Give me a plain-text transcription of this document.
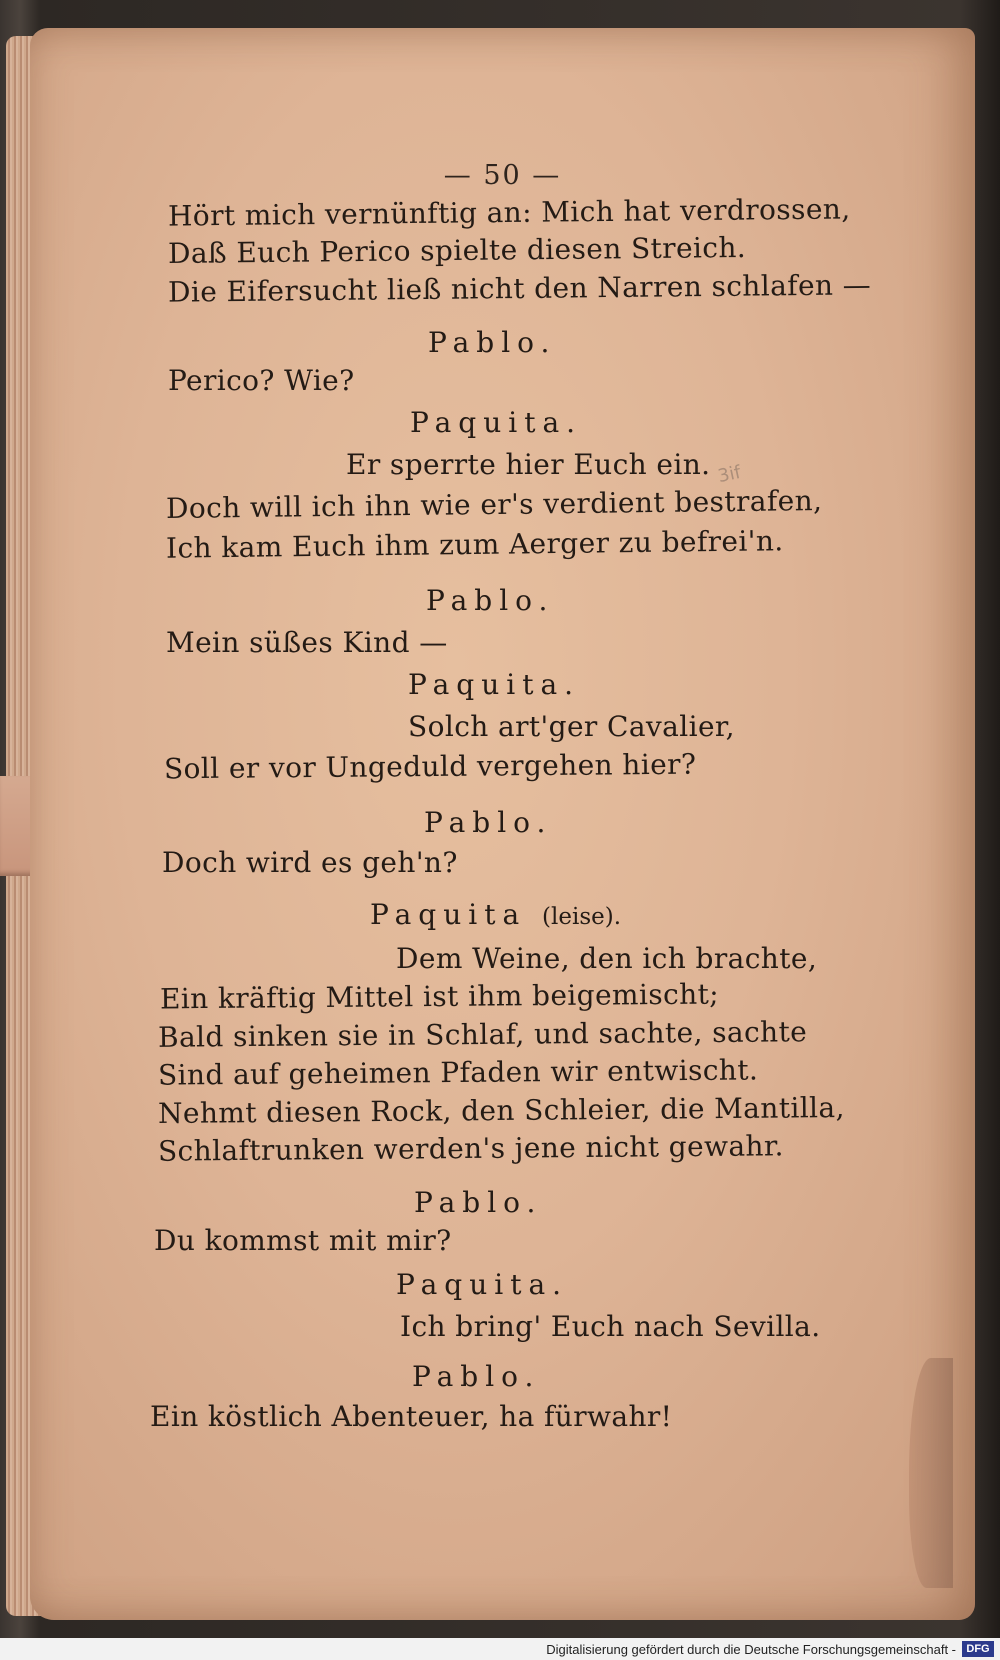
— 50 —
Hört mich vernünftig an: Mich hat verdrossen,
Daß Euch Perico spielte diesen Streich.
Die Eifersucht ließ nicht den Narren schlafen —
Pablo.
Perico? Wie?
Paquita.
3if
Er sperrte hier Euch ein.
Doch will ich ihn wie er's verdient bestrafen,
Ich kam Euch ihm zum Aerger zu befrei'n.
Pablo.
Mein süßes Kind —
Paquita.
Solch art'ger Cavalier,
Soll er vor Ungeduld vergehen hier?
Pablo.
Doch wird es geh'n?
Paquita (leise).
Dem Weine, den ich brachte,
Ein kräftig Mittel ist ihm beigemischt;
Bald sinken sie in Schlaf, und sachte, sachte
Sind auf geheimen Pfaden wir entwischt.
Nehmt diesen Rock, den Schleier, die Mantilla,
Schlaftrunken werden's jene nicht gewahr.
Pablo.
Du kommst mit mir?
Paquita.
Ich bring' Euch nach Sevilla.
Pablo.
Ein köstlich Abenteuer, ha fürwahr!
Digitalisierung gefördert durch die Deutsche Forschungsgemeinschaft - DFG
